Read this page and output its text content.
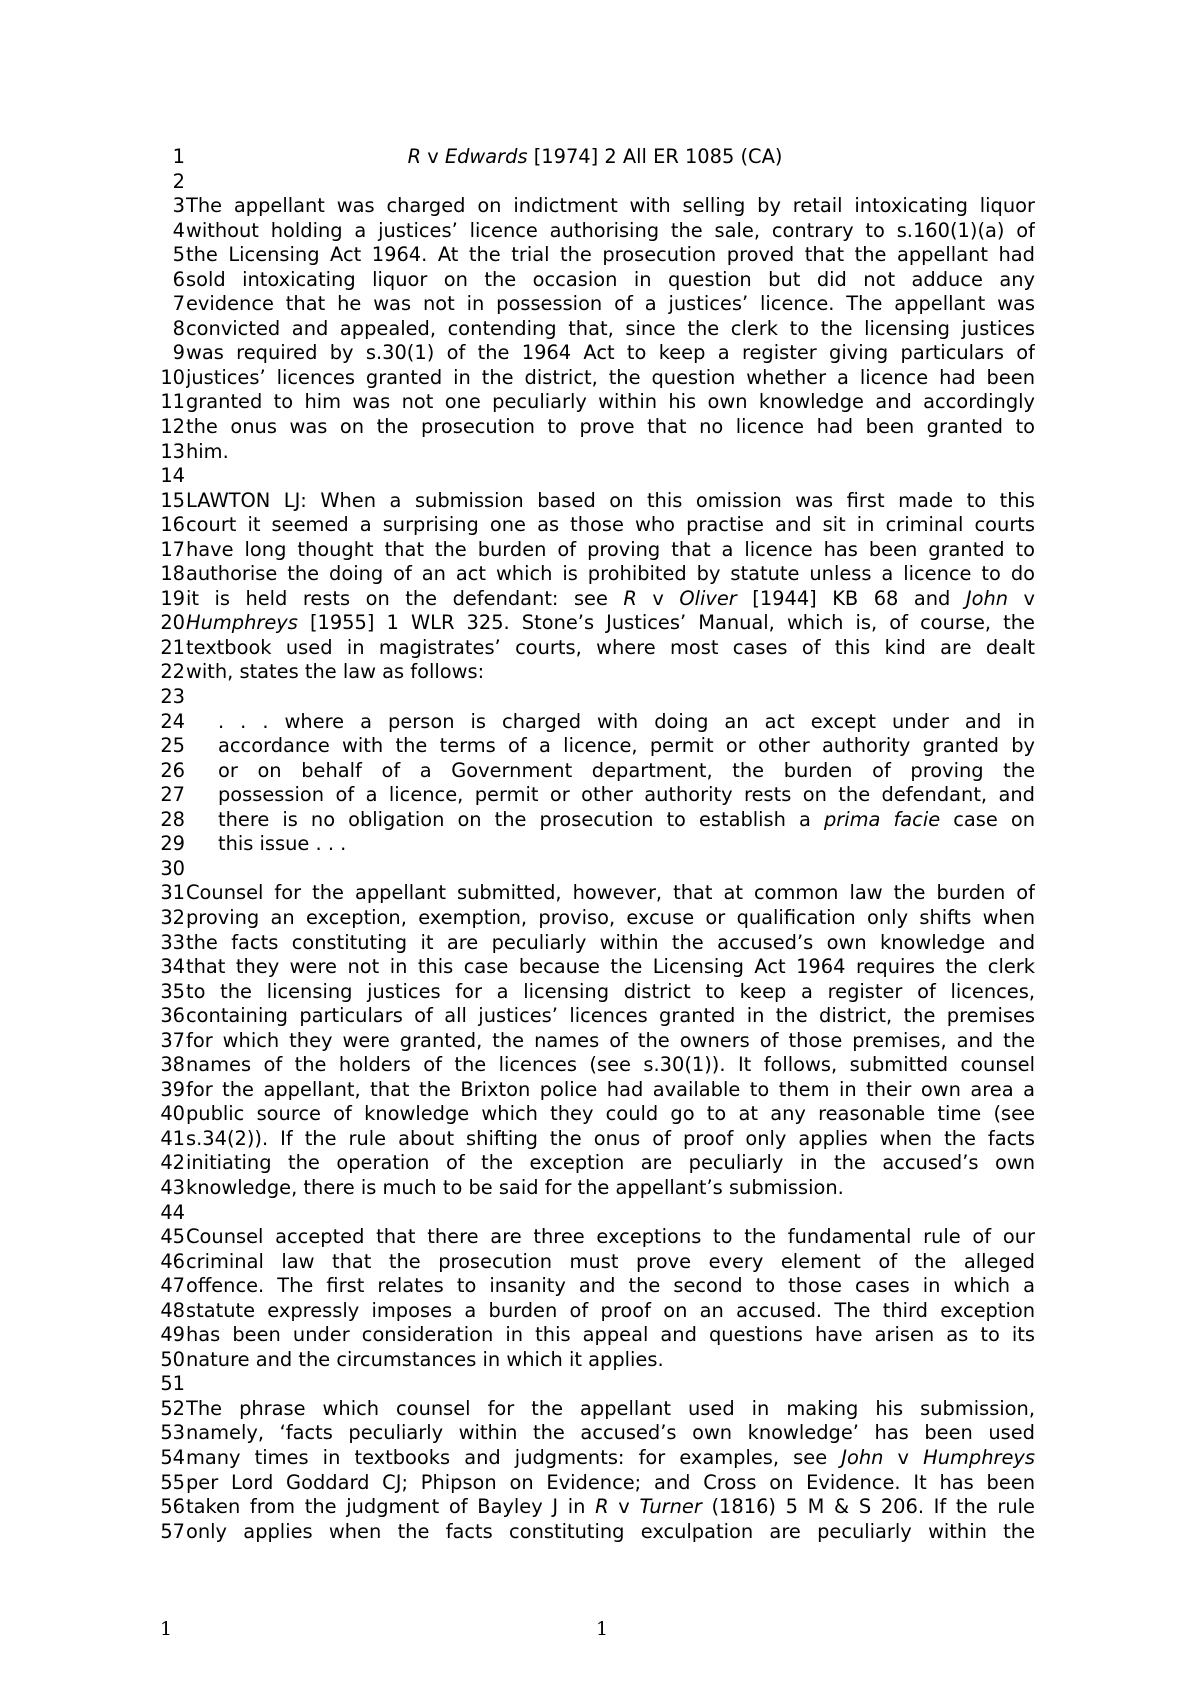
1	R v Edwards [1974] 2 All ER 1085 (CA)
2
3 The appellant was charged on indictment with selling by retail intoxicating liquor
4 without holding a justices’ licence authorising the sale, contrary to s.160(1)(a) of
5 the Licensing Act 1964. At the trial the prosecution proved that the appellant had
6 sold intoxicating liquor on the occasion in question but did not adduce any
7 evidence that he was not in possession of a justices’ licence. The appellant was
8 convicted and appealed, contending that, since the clerk to the licensing justices
9 was required by s.30(1) of the 1964 Act to keep a register giving particulars of
10 justices’ licences granted in the district, the question whether a licence had been
11 granted to him was not one peculiarly within his own knowledge and accordingly
12 the onus was on the prosecution to prove that no licence had been granted to
13 him.
14
15 LAWTON LJ: When a submission based on this omission was first made to this
16 court it seemed a surprising one as those who practise and sit in criminal courts
17 have long thought that the burden of proving that a licence has been granted to
18 authorise the doing of an act which is prohibited by statute unless a licence to do
19 it is held rests on the defendant: see R v Oliver [1944] KB 68 and John v
20 Humphreys [1955] 1 WLR 325. Stone’s Justices’ Manual, which is, of course, the
21 textbook used in magistrates’ courts, where most cases of this kind are dealt
22 with, states the law as follows:
23
24 . . . where a person is charged with doing an act except under and in
25 accordance with the terms of a licence, permit or other authority granted by
26 or on behalf of a Government department, the burden of proving the
27 possession of a licence, permit or other authority rests on the defendant, and
28 there is no obligation on the prosecution to establish a prima facie case on
29 this issue . . .
30
31 Counsel for the appellant submitted, however, that at common law the burden of
32 proving an exception, exemption, proviso, excuse or qualification only shifts when
33 the facts constituting it are peculiarly within the accused’s own knowledge and
34 that they were not in this case because the Licensing Act 1964 requires the clerk
35 to the licensing justices for a licensing district to keep a register of licences,
36 containing particulars of all justices’ licences granted in the district, the premises
37 for which they were granted, the names of the owners of those premises, and the
38 names of the holders of the licences (see s.30(1)). It follows, submitted counsel
39 for the appellant, that the Brixton police had available to them in their own area a
40 public source of knowledge which they could go to at any reasonable time (see
41 s.34(2)). If the rule about shifting the onus of proof only applies when the facts
42 initiating the operation of the exception are peculiarly in the accused’s own
43 knowledge, there is much to be said for the appellant’s submission.
44
45 Counsel accepted that there are three exceptions to the fundamental rule of our
46 criminal law that the prosecution must prove every element of the alleged
47 offence. The first relates to insanity and the second to those cases in which a
48 statute expressly imposes a burden of proof on an accused. The third exception
49 has been under consideration in this appeal and questions have arisen as to its
50 nature and the circumstances in which it applies.
51
52 The phrase which counsel for the appellant used in making his submission,
53 namely, ‘facts peculiarly within the accused’s own knowledge’ has been used
54 many times in textbooks and judgments: for examples, see John v Humphreys
55 per Lord Goddard CJ; Phipson on Evidence; and Cross on Evidence. It has been
56 taken from the judgment of Bayley J in R v Turner (1816) 5 M & S 206. If the rule
57 only applies when the facts constituting exculpation are peculiarly within the
1	1
